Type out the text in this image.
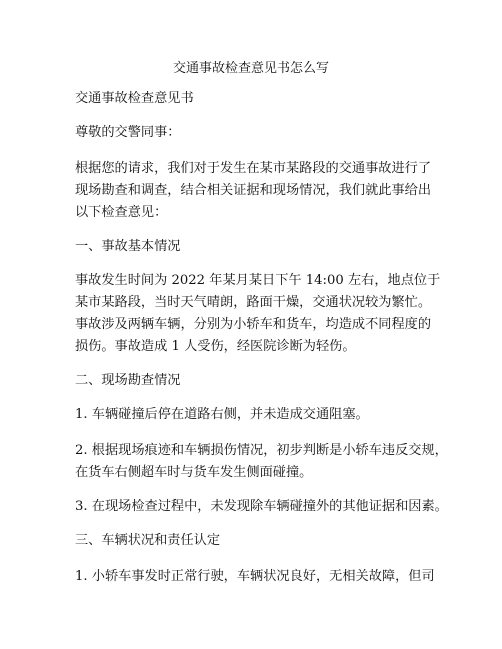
交通事故检查意见书怎么写

交通事故检查意见书

尊敬的交警同事：

根据您的请求，我们对于发生在某市某路段的交通事故进行了
现场勘查和调查，结合相关证据和现场情况，我们就此事给出
以下检查意见：

一、事故基本情况

事故发生时间为 2022 年某月某日下午 14:00 左右，地点位于
某市某路段，当时天气晴朗，路面干燥，交通状况较为繁忙。
事故涉及两辆车辆，分别为小轿车和货车，均造成不同程度的
损伤。事故造成 1 人受伤，经医院诊断为轻伤。

二、现场勘查情况

1. 车辆碰撞后停在道路右侧，并未造成交通阻塞。

2. 根据现场痕迹和车辆损伤情况，初步判断是小轿车违反交规，
在货车右侧超车时与货车发生侧面碰撞。

3. 在现场检查过程中，未发现除车辆碰撞外的其他证据和因素。

三、车辆状况和责任认定

1. 小轿车事发时正常行驶，车辆状况良好，无相关故障，但司
